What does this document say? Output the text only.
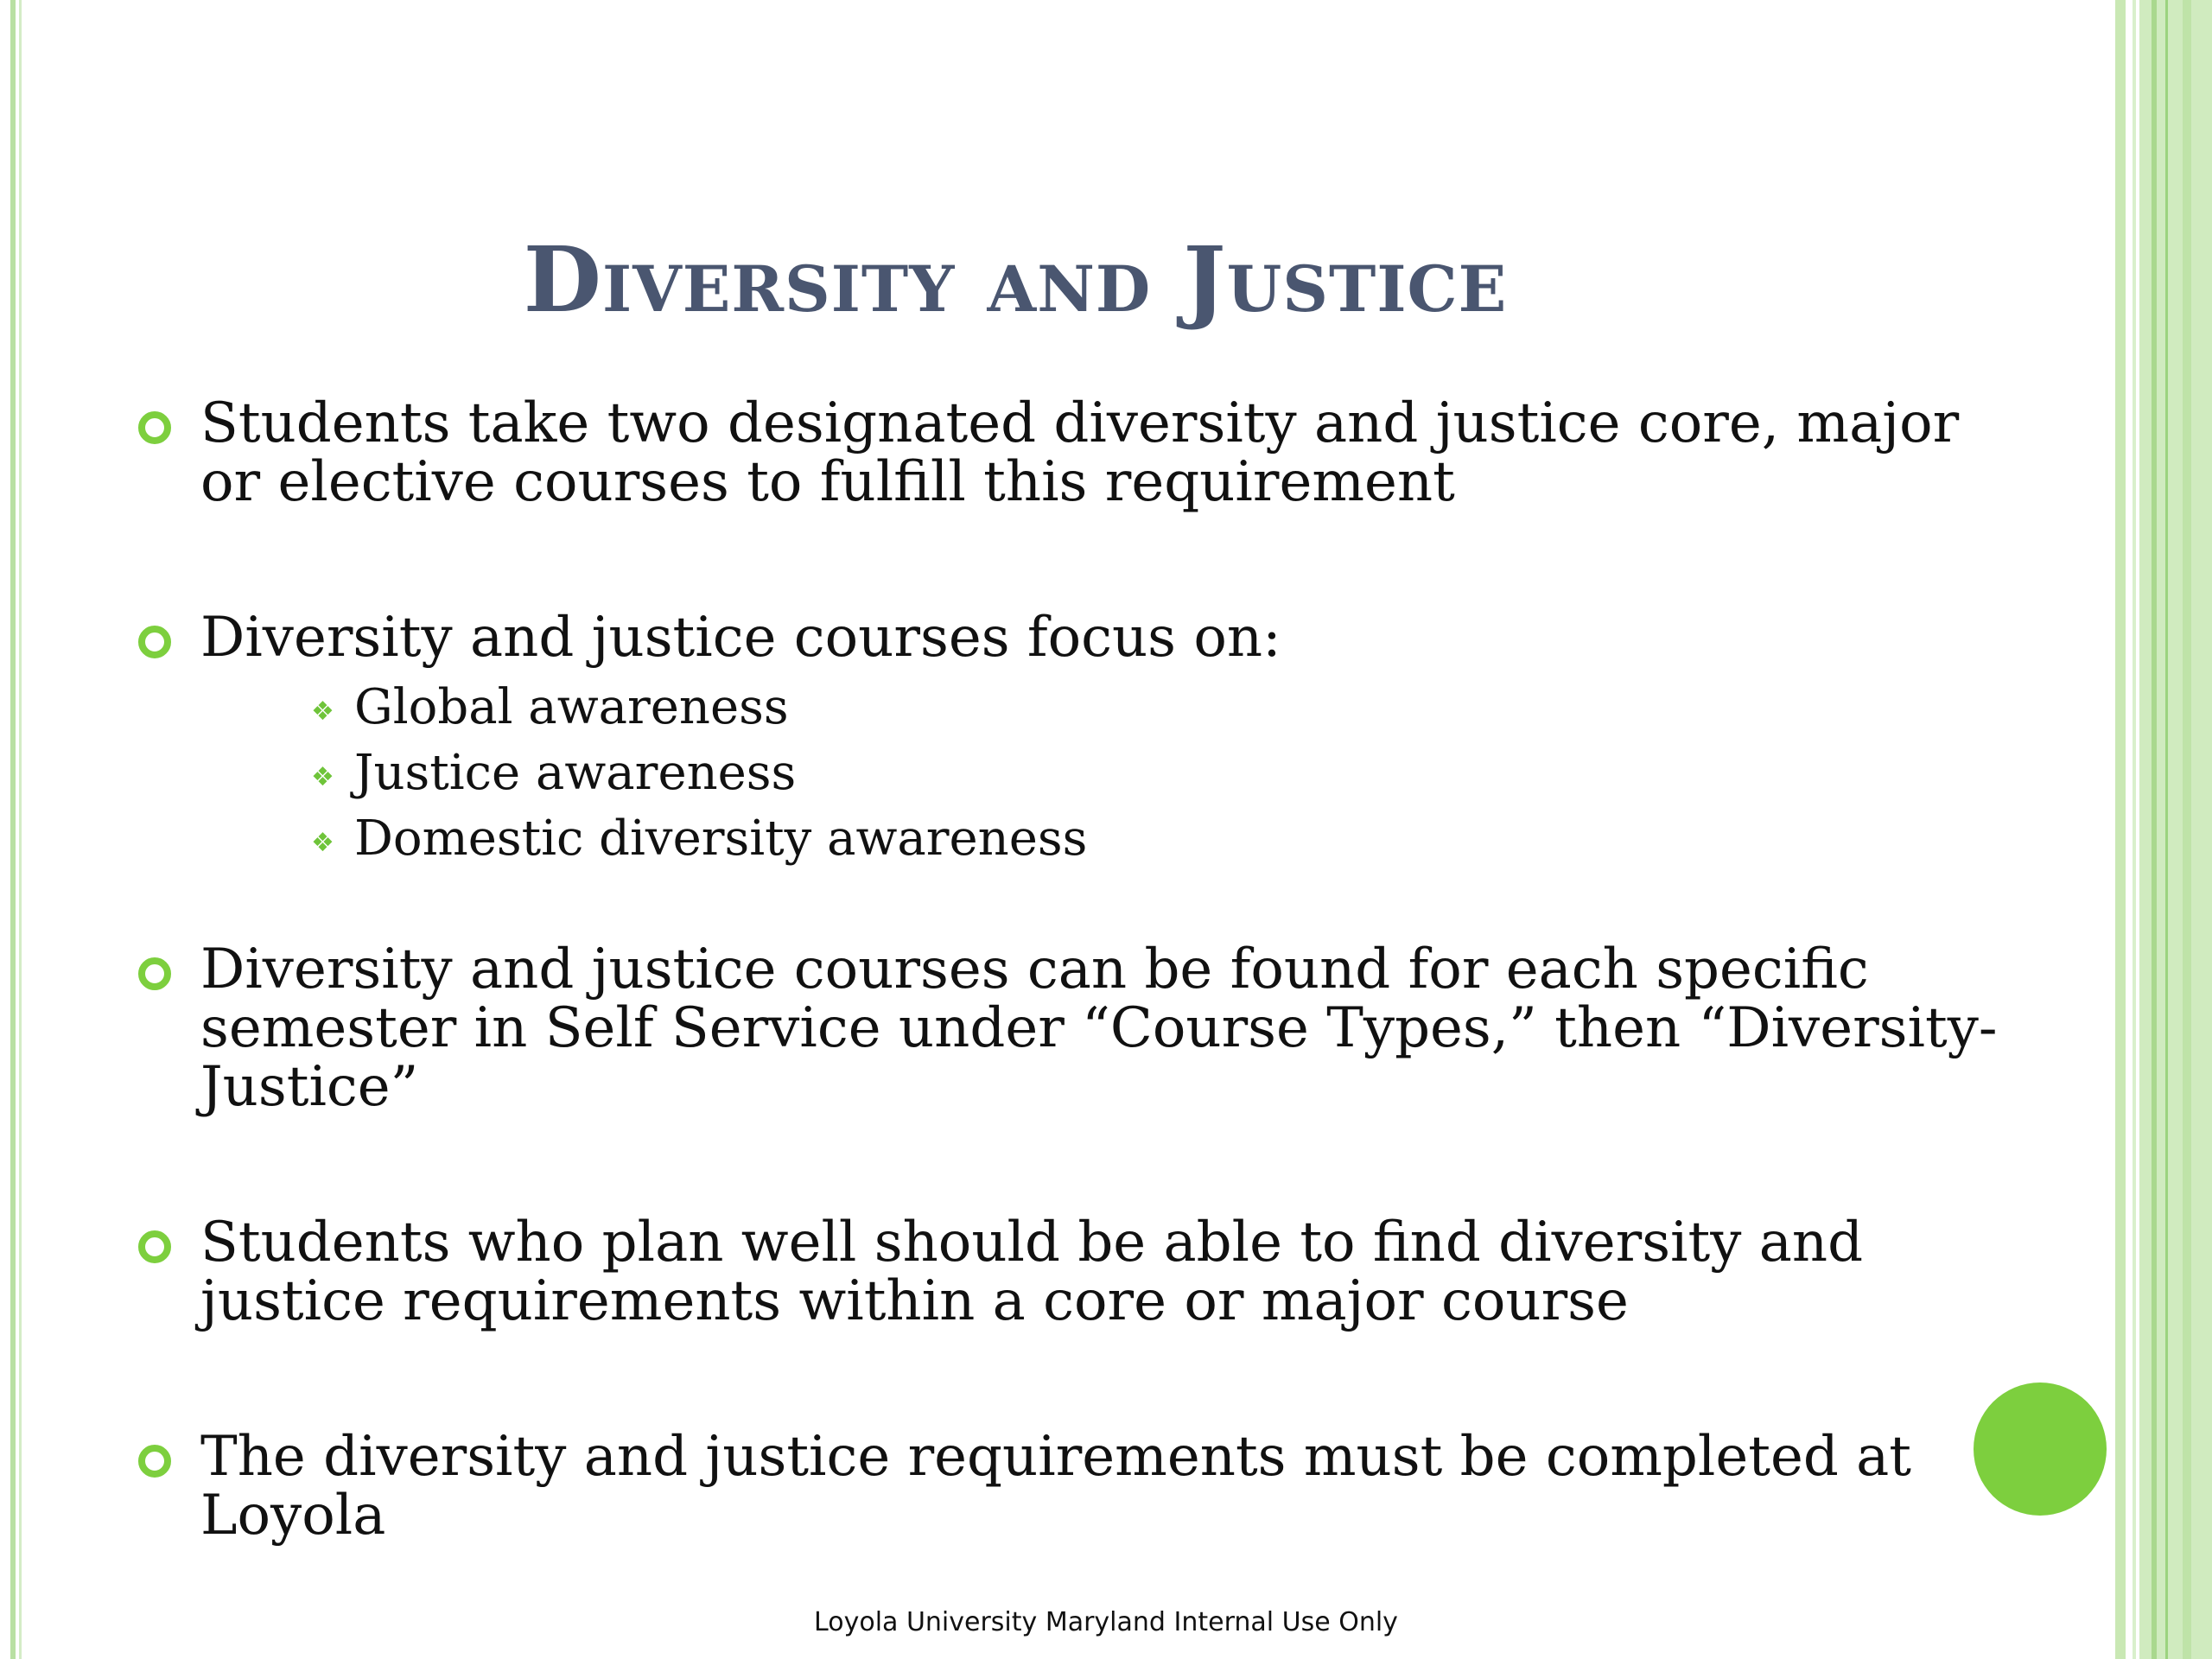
Diversity and Justice
Students take two designated diversity and justice core, major or elective courses to fulfill this requirement
Diversity and justice courses focus on:
❖ Global awareness
❖ Justice awareness
❖ Domestic diversity awareness
Diversity and justice courses can be found for each specific semester in Self Service under “Course Types,” then “Diversity-Justice”
Students who plan well should be able to find diversity and justice requirements within a core or major course
The diversity and justice requirements must be completed at Loyola
Loyola University Maryland Internal Use Only
